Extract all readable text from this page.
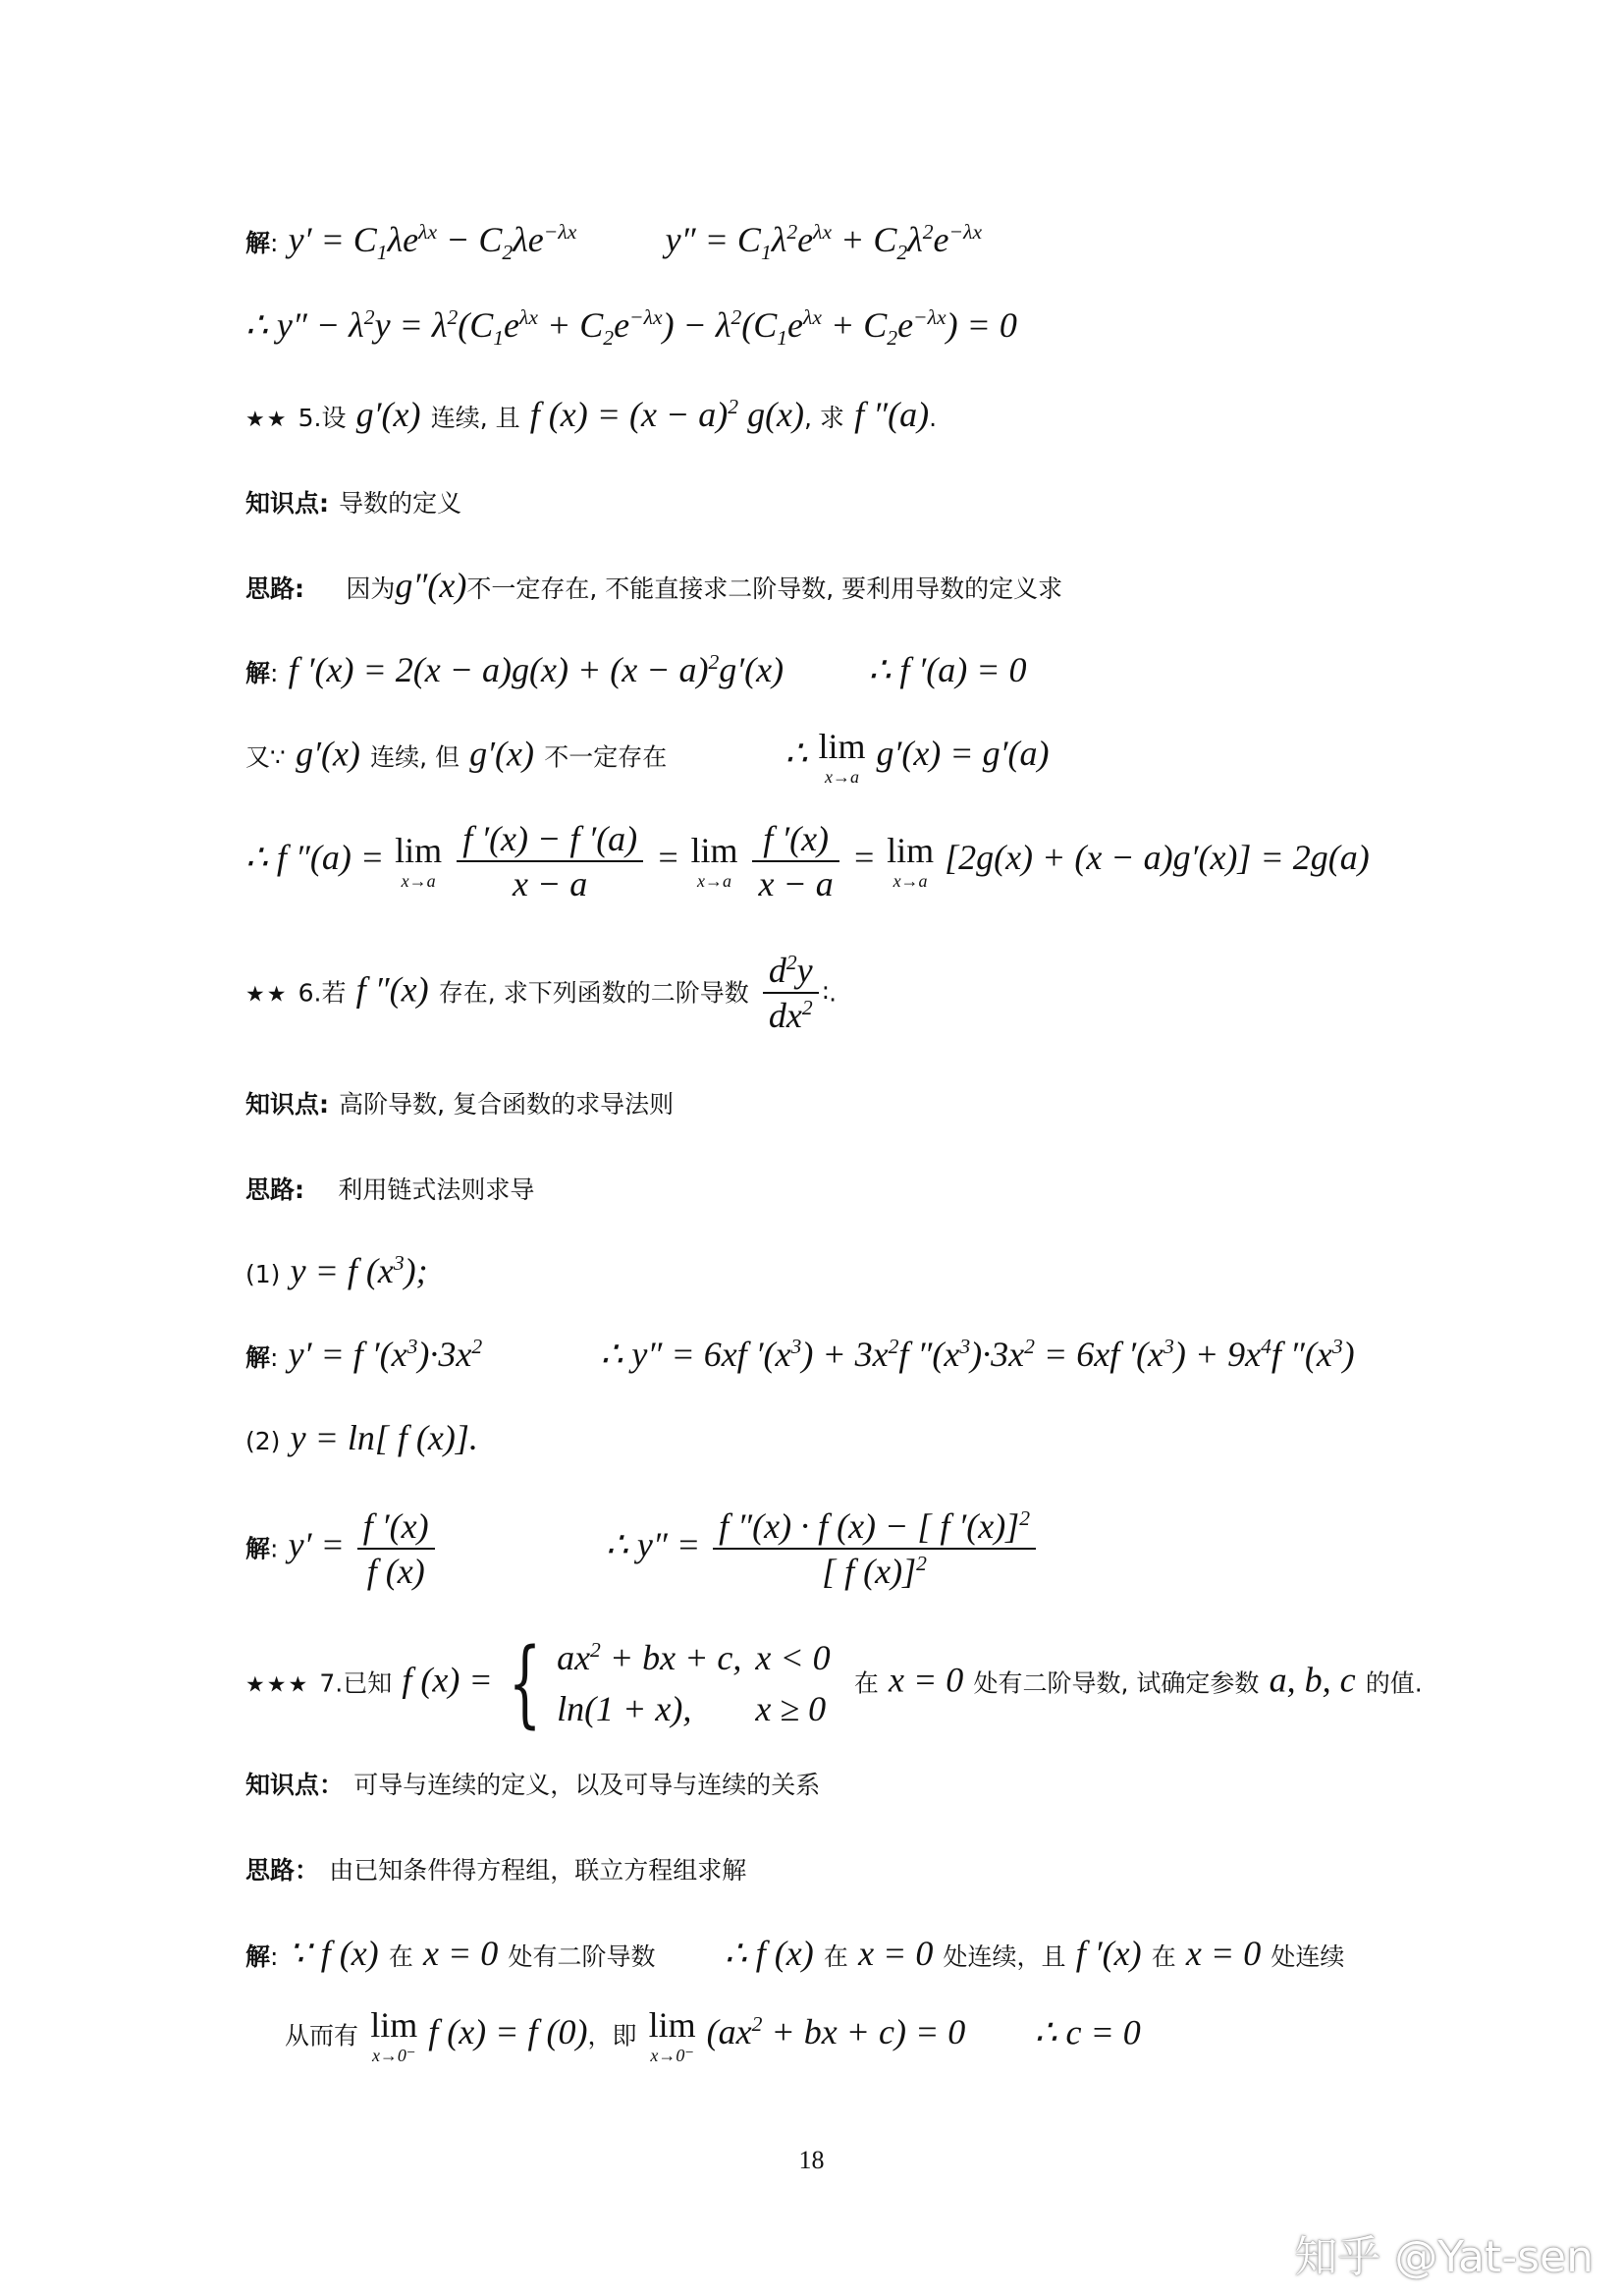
解: $y' = C_1\lambda e^{\lambda x} - C_2\lambda e^{-\lambda x}$	$y'' = C_1\lambda^2e^{\lambda x} + C_2\lambda^2e^{-\lambda x}$
∴ $y'' - \lambda^2y = \lambda^2(C_1e^{\lambda x} + C_2e^{-\lambda x}) - \lambda^2(C_1e^{\lambda x} + C_2e^{-\lambda x}) = 0$
★★ 5.设 g′(x) 连续, 且 f $(x) = (x - a)^2$ g(x), 求 f ″(a).
知识点: 导数的定义
思路: 因为g″(x)不一定存在, 不能直接求二阶导数, 要利用导数的定义求
解: f $'(x) = 2(x - a)g(x) + (x - a)^2g'(x)$ ∴ f ′(a) = 0
又∵ g′(x) 连续, 但 g′(x) 不一定存在	∴ lim
x→a
g′(x) = g′(a)
∴ f ″(a) = lim
x→a
$\frac{f '(x) - f '(a)}{x - a} = \lim$
x→a
$\frac{f '(x)}{x - a} = \lim$
x→a
[2g(x) + (x − a)g′(x)] = 2g(a)
★★ 6.若 f ″(x) 存在, 求下列函数的二阶导数 $\frac{d^2y}{dx^2}$ ∶.
知识点: 高阶导数, 复合函数的求导法则
思路: 利用链式法则求导
(1) y = f $(x^3)$;
解: y′ = f $'(x^3)\cdot 3x^2$	∴ y″ = 6xf $'(x^3) + 3x^2f$ $''(x^3)\cdot 3x^2 = 6xf$ $'(x^3) + 9x^4f$ $''(x^3)$
(2) y = ln[ f (x)].
解: $y' = \frac{f '(x)}{f (x)}$	∴ $y'' = \frac{f ''(x) \cdot f (x) - [ f '(x)]^2}{[ f (x)]^2}$
★★★ 7.已知 f (x) = { $ax^2$ + bx + c,	x < 0
ln(1 + x),	x ≥ 0 在 x = 0 处有二阶导数, 试确定参数 a, b, c 的值.
知识点： 可导与连续的定义，以及可导与连续的关系
思路： 由已知条件得方程组，联立方程组求解
解: ∵ f (x) 在 x = 0 处有二阶导数 ∴ f (x) 在 x = 0 处连续，且 f ′(x) 在 x = 0 处连续
从而有 lim
x→0⁻
f (x) = f (0)，即 lim
x→0⁻
($ax^2$ + bx + c) = 0 ∴ c = 0
18
知乎 @Yat-sen
